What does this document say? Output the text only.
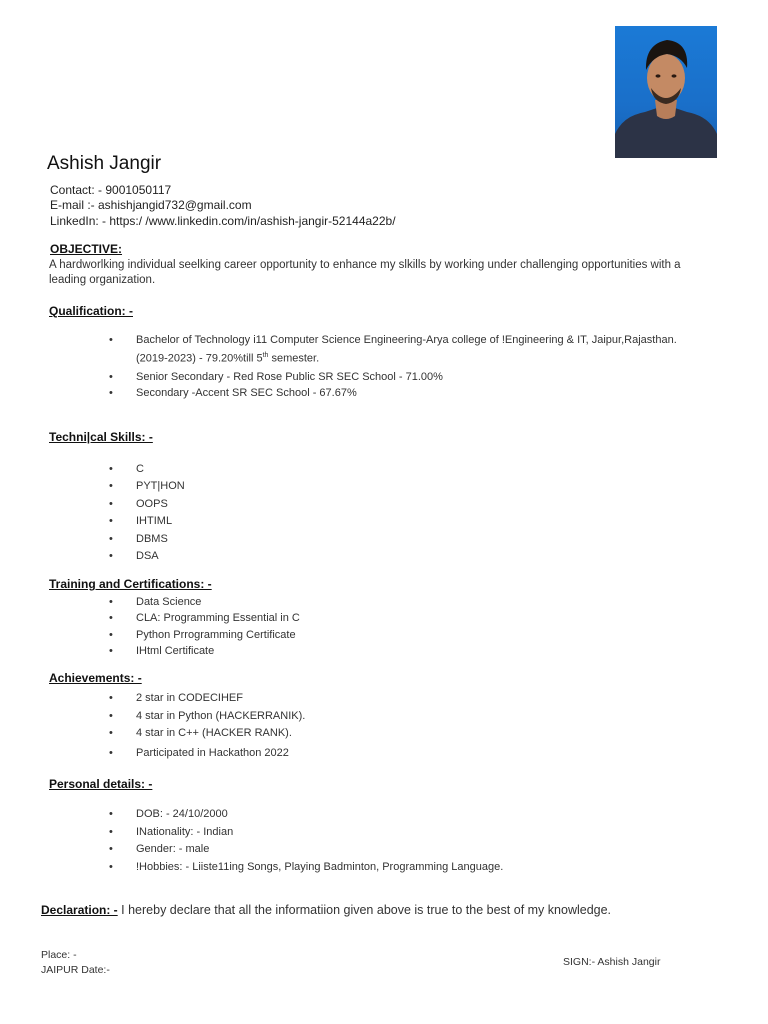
Ashish Jangir
Contact: - 9001050117
E-mail :- ashishjangid732@gmail.com
LinkedIn: - https:/ /www.linkedin.com/in/ashish-jangir-52144a22b/
OBJECTIVE:
A hardworlking individual seelking career opportunity to enhance my slkills by working under challenging opportunities with a
leading organization.
Qualification: -
• Bachelor of Technology i11 Computer Science Engineering-Arya college of !Engineering & IT, Jaipur,Rajasthan.
(2019-2023) - 79.20%till 5th semester.
• Senior Secondary - Red Rose Public SR SEC School - 71.00%
• Secondary -Accent SR SEC School - 67.67%
Techni|cal Skills: -
• C
• PYT|HON
• OOPS
• IHTIML
• DBMS
• DSA
Training and Certifications: -
• Data Science
• CLA: Programming Essential in C
• Python Prrogramming Certificate
• IHtml Certificate
Achievements: -
• 2 star in CODECIHEF
• 4 star in Python (HACKERRANIK).
• 4 star in C++ (HACKER RANK).
• Participated in Hackathon 2022
Personal details: -
• DOB: - 24/10/2000
• INationality: - Indian
• Gender: - male
• !Hobbies: - Liiste11ing Songs, Playing Badminton, Programming Language.
Declaration: - I hereby declare that all the informatiion given above is true to the best of my knowledge.
Place: -
JAIPUR Date:-
SIGN:- Ashish Jangir
